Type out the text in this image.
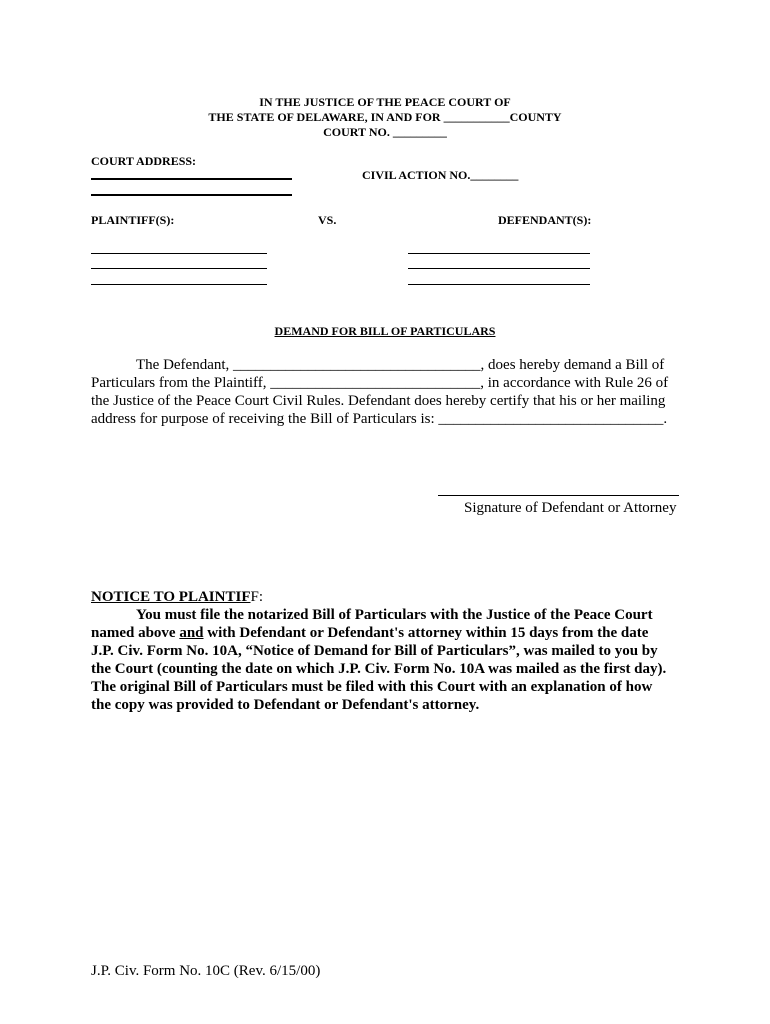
IN THE JUSTICE OF THE PEACE COURT OF
THE STATE OF DELAWARE, IN AND FOR ___________COUNTY
COURT NO. _________
COURT ADDRESS:
CIVIL ACTION NO.________
PLAINTIFF(S):	VS.	DEFENDANT(S):
DEMAND FOR BILL OF PARTICULARS
The Defendant, _________________________________, does hereby demand a Bill of
Particulars from the Plaintiff, ____________________________, in accordance with Rule 26 of
the Justice of the Peace Court Civil Rules. Defendant does hereby certify that his or her mailing
address for purpose of receiving the Bill of Particulars is: ______________________________.
Signature of Defendant or Attorney
NOTICE TO PLAINTIFF:
You must file the notarized Bill of Particulars with the Justice of the Peace Court
named above and with Defendant or Defendant's attorney within 15 days from the date
J.P. Civ. Form No. 10A, “Notice of Demand for Bill of Particulars”, was mailed to you by
the Court (counting the date on which J.P. Civ. Form No. 10A was mailed as the first day).
The original Bill of Particulars must be filed with this Court with an explanation of how
the copy was provided to Defendant or Defendant's attorney.
J.P. Civ. Form No. 10C (Rev. 6/15/00)
